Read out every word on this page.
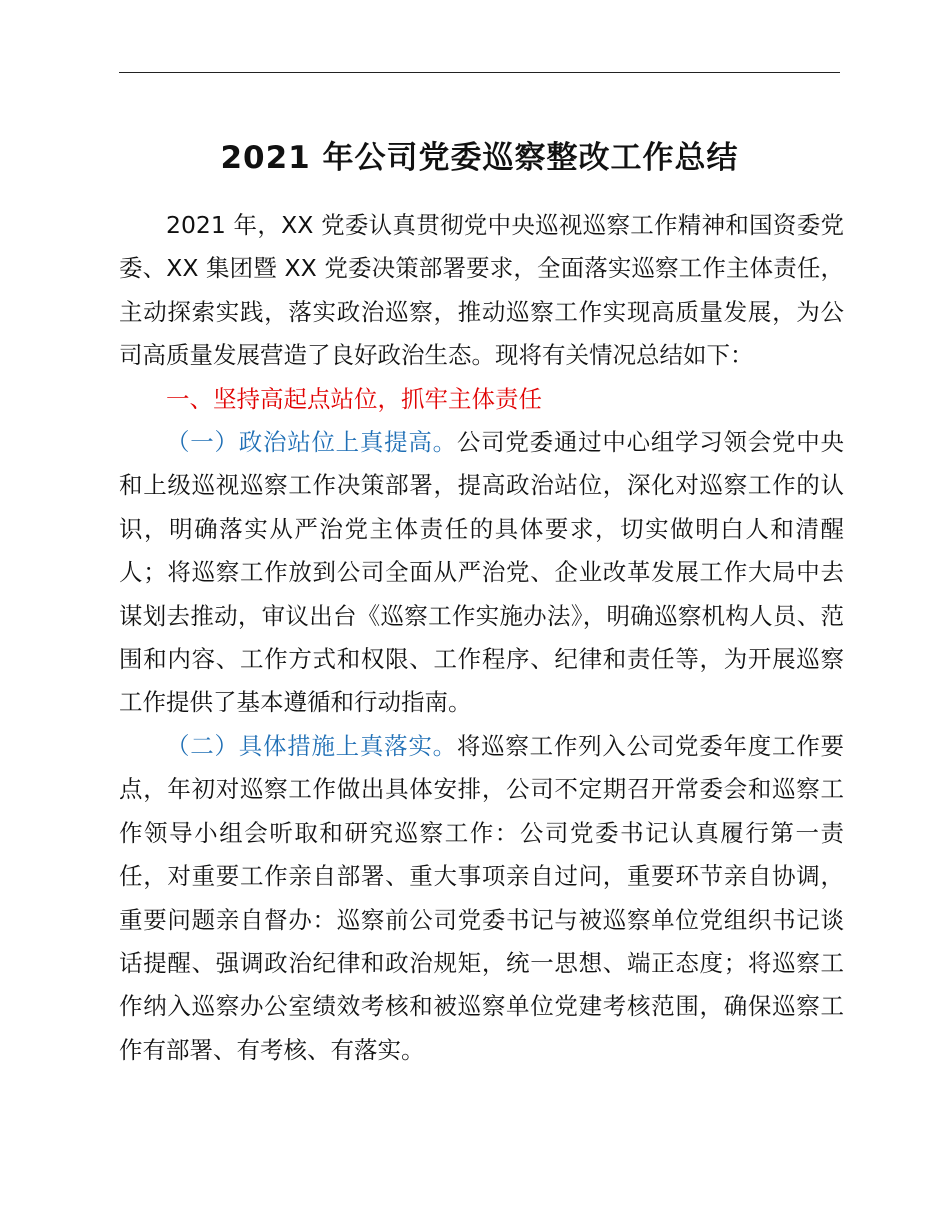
2021 年公司党委巡察整改工作总结

2021 年，XX 党委认真贯彻党中央巡视巡察工作精神和国资委党委、XX 集团暨 XX 党委决策部署要求，全面落实巡察工作主体责任，主动探索实践，落实政治巡察，推动巡察工作实现高质量发展，为公司高质量发展营造了良好政治生态。现将有关情况总结如下：

一、坚持高起点站位，抓牢主体责任

（一）政治站位上真提高。公司党委通过中心组学习领会党中央和上级巡视巡察工作决策部署，提高政治站位，深化对巡察工作的认识，明确落实从严治党主体责任的具体要求，切实做明白人和清醒人；将巡察工作放到公司全面从严治党、企业改革发展工作大局中去谋划去推动，审议出台《巡察工作实施办法》，明确巡察机构人员、范围和内容、工作方式和权限、工作程序、纪律和责任等，为开展巡察工作提供了基本遵循和行动指南。

（二）具体措施上真落实。将巡察工作列入公司党委年度工作要点，年初对巡察工作做出具体安排，公司不定期召开常委会和巡察工作领导小组会听取和研究巡察工作：公司党委书记认真履行第一责任，对重要工作亲自部署、重大事项亲自过问，重要环节亲自协调，重要问题亲自督办：巡察前公司党委书记与被巡察单位党组织书记谈话提醒、强调政治纪律和政治规矩，统一思想、端正态度；将巡察工作纳入巡察办公室绩效考核和被巡察单位党建考核范围，确保巡察工作有部署、有考核、有落实。
